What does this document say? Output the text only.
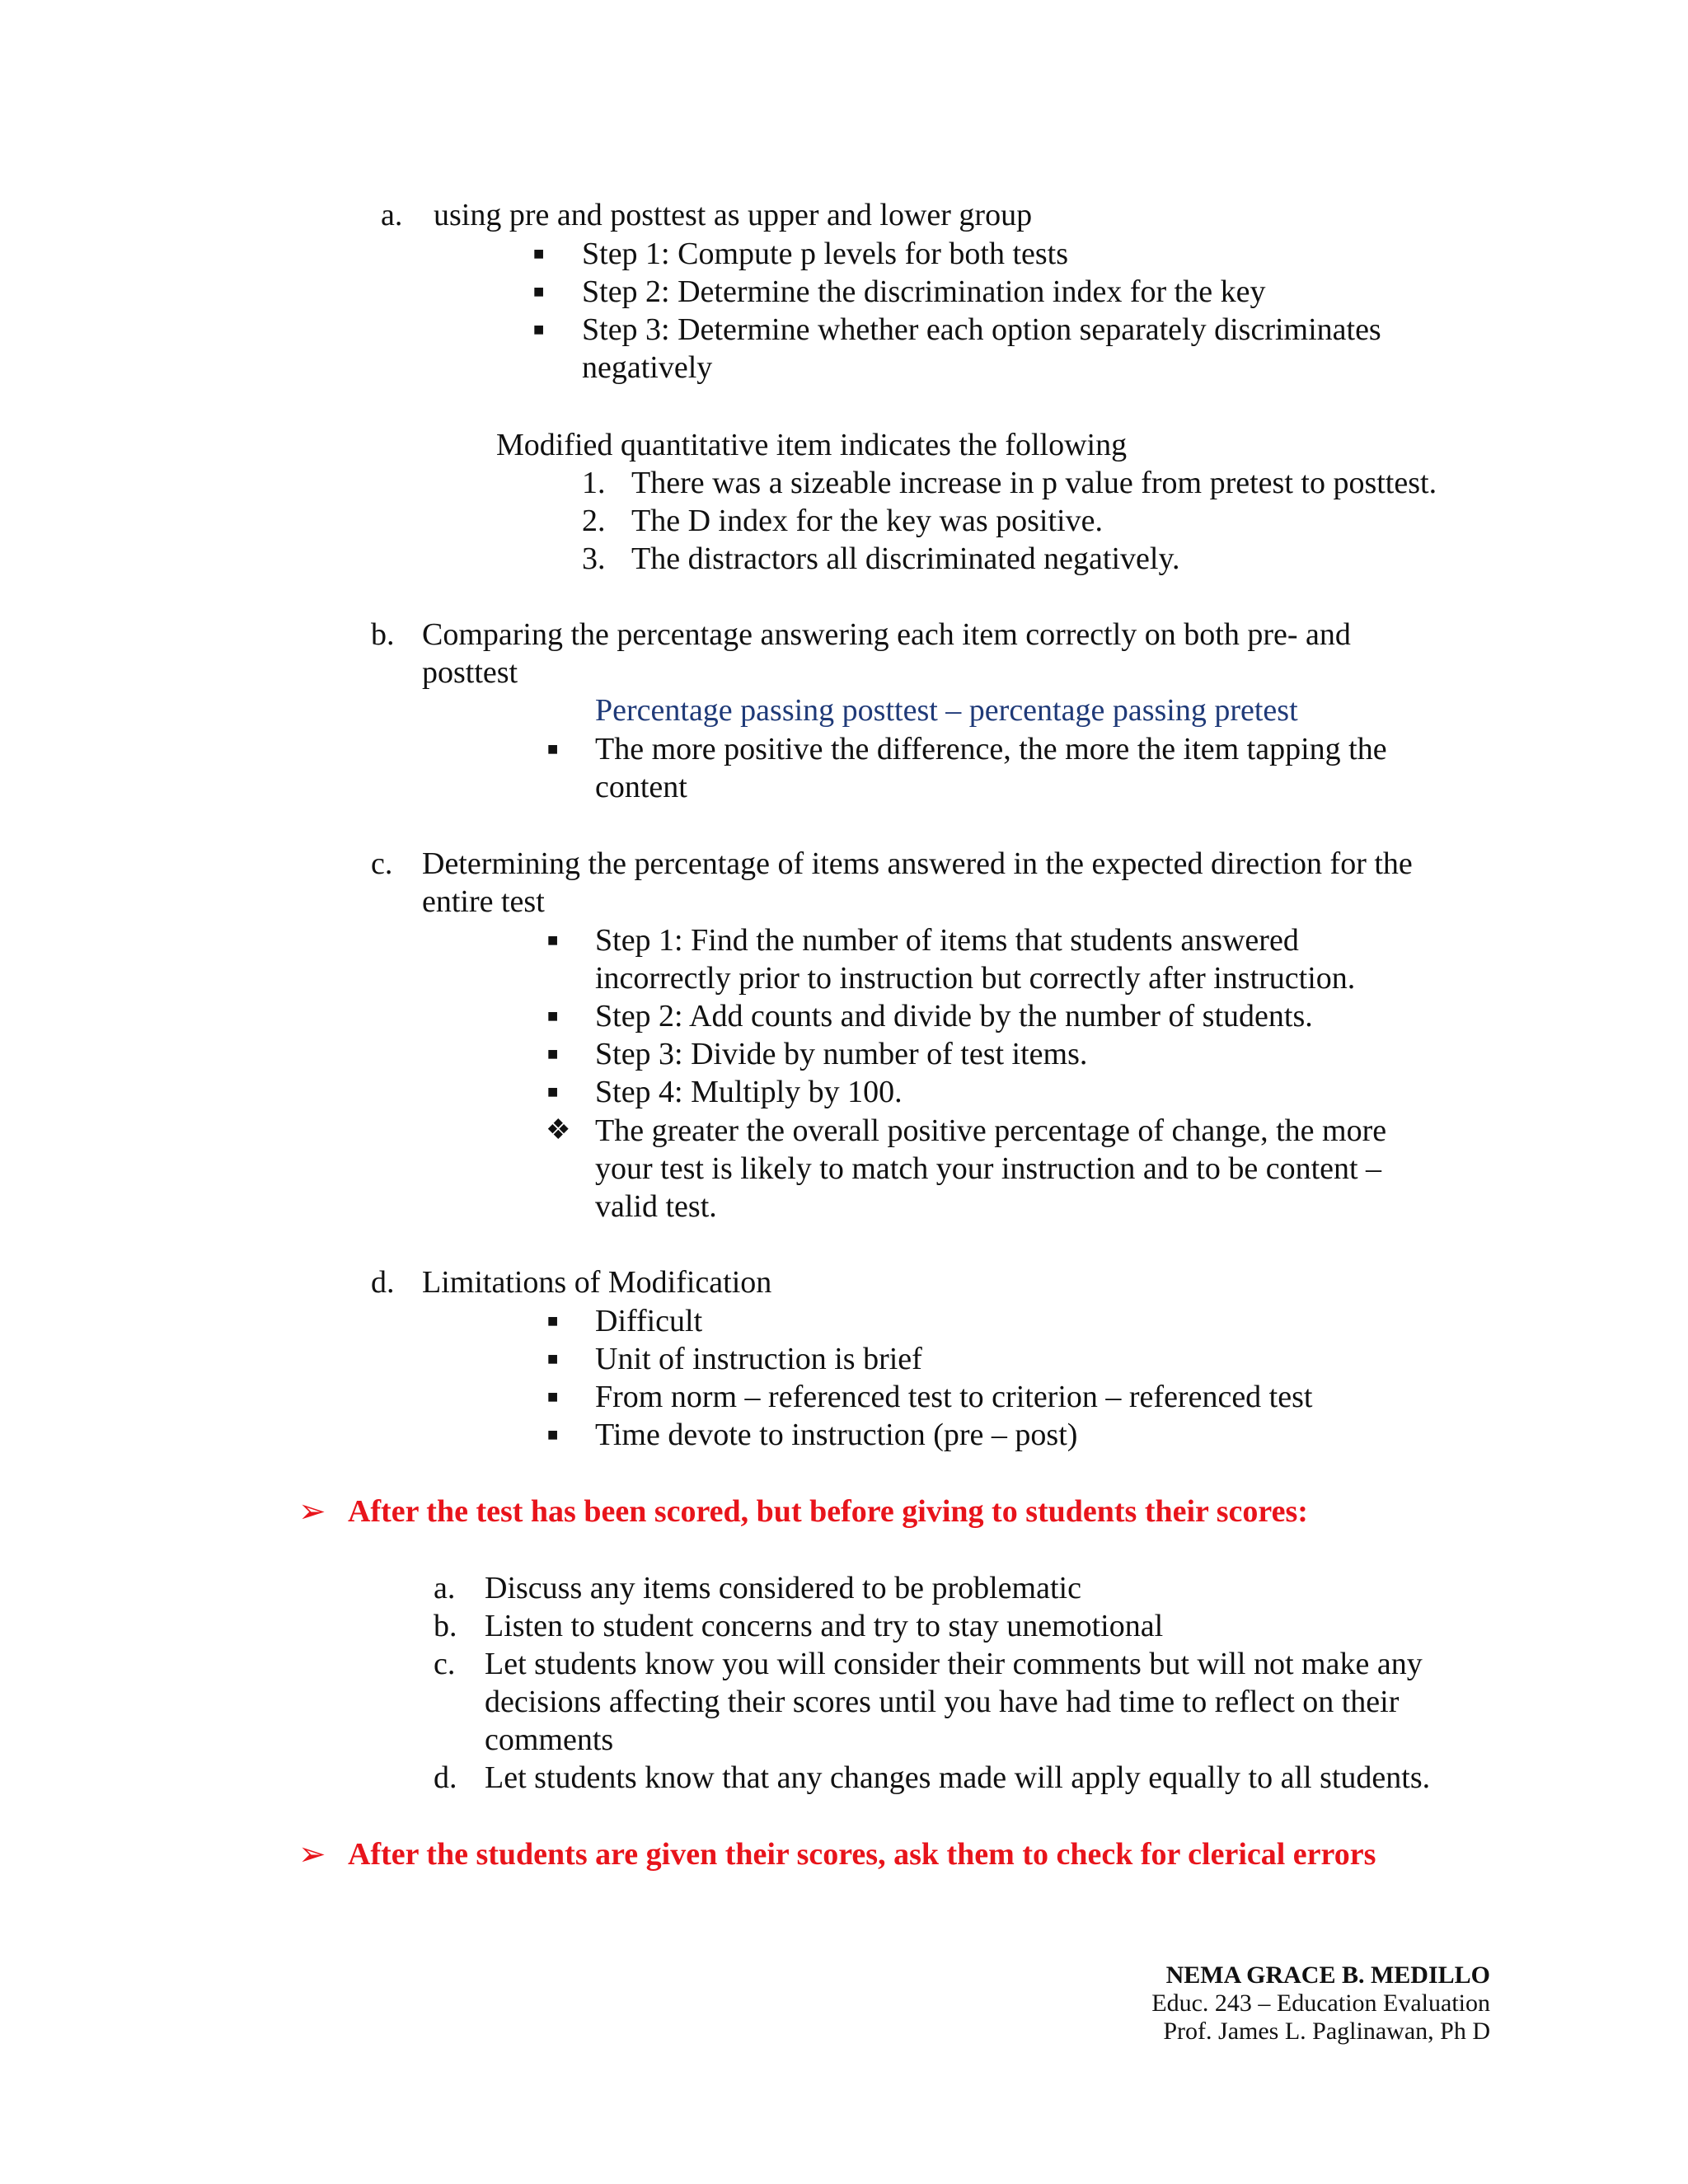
a. using pre and posttest as upper and lower group
■ Step 1: Compute p levels for both tests
■ Step 2: Determine the discrimination index for the key
■ Step 3: Determine whether each option separately discriminates
negatively
Modified quantitative item indicates the following
1. There was a sizeable increase in p value from pretest to posttest.
2. The D index for the key was positive.
3. The distractors all discriminated negatively.
b. Comparing the percentage answering each item correctly on both pre- and
posttest
Percentage passing posttest – percentage passing pretest
■ The more positive the difference, the more the item tapping the
content
c. Determining the percentage of items answered in the expected direction for the
entire test
■ Step 1: Find the number of items that students answered
incorrectly prior to instruction but correctly after instruction.
■ Step 2: Add counts and divide by the number of students.
■ Step 3: Divide by number of test items.
■ Step 4: Multiply by 100.
❖ The greater the overall positive percentage of change, the more
your test is likely to match your instruction and to be content –
valid test.
d. Limitations of Modification
■ Difficult
■ Unit of instruction is brief
■ From norm – referenced test to criterion – referenced test
■ Time devote to instruction (pre – post)
➢ After the test has been scored, but before giving to students their scores:
a. Discuss any items considered to be problematic
b. Listen to student concerns and try to stay unemotional
c. Let students know you will consider their comments but will not make any
decisions affecting their scores until you have had time to reflect on their
comments
d. Let students know that any changes made will apply equally to all students.
➢ After the students are given their scores, ask them to check for clerical errors
NEMA GRACE B. MEDILLO
Educ. 243 – Education Evaluation
Prof. James L. Paglinawan, Ph D
